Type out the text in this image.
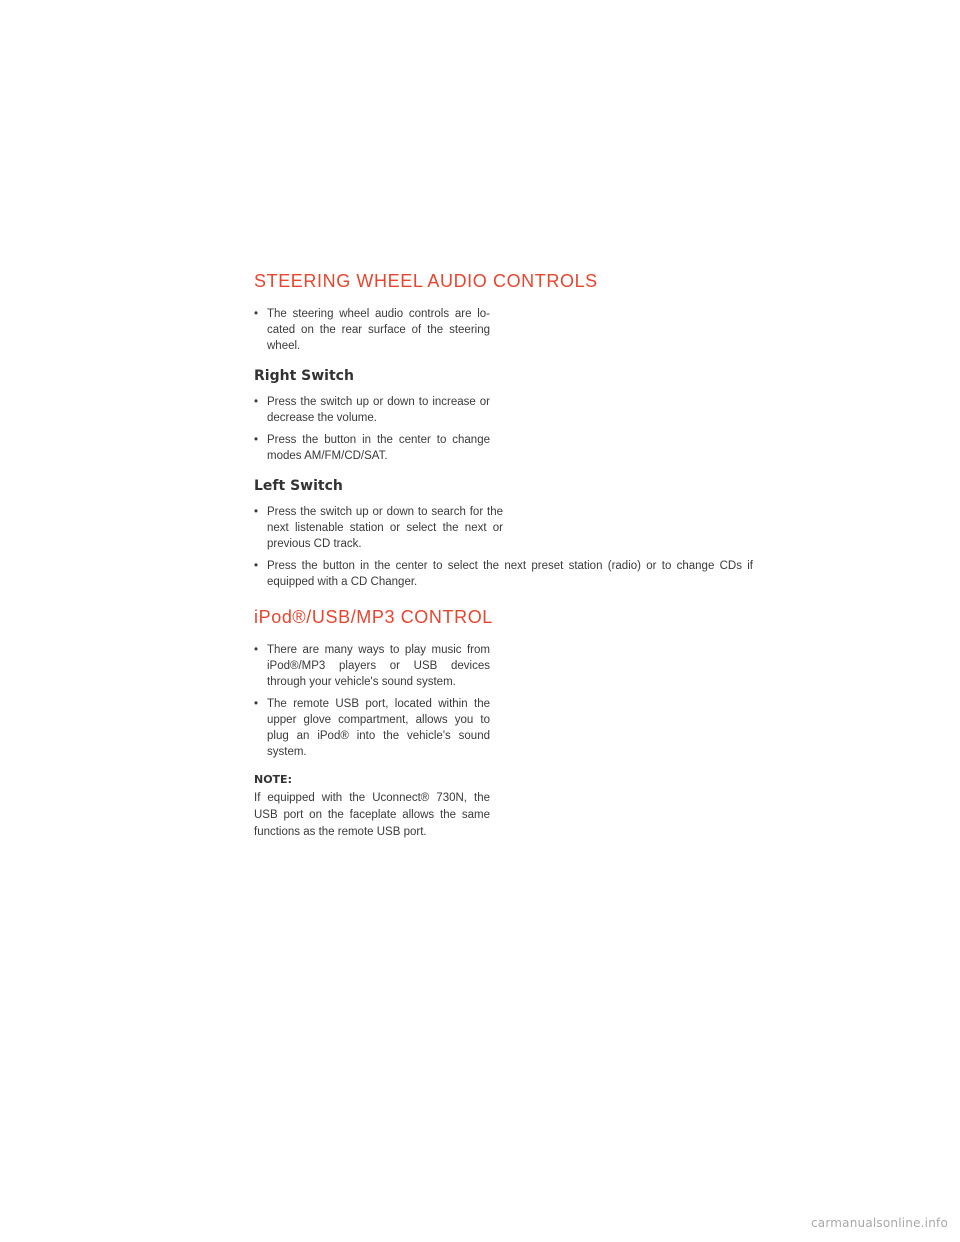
STEERING WHEEL AUDIO CONTROLS
• The steering wheel audio controls are lo-cated on the rear surface of the steering wheel.
Right Switch
• Press the switch up or down to increase or decrease the volume.
• Press the button in the center to change modes AM/FM/CD/SAT.
Left Switch
• Press the switch up or down to search for the next listenable station or select the next or previous CD track.
• Press the button in the center to select the next preset station (radio) or to change CDs if equipped with a CD Changer.
iPod®/USB/MP3 CONTROL
• There are many ways to play music from iPod®/MP3 players or USB devices through your vehicle's sound system.
• The remote USB port, located within the upper glove compartment, allows you to plug an iPod® into the vehicle's sound system.
NOTE:

If equipped with the Uconnect® 730N, the USB port on the faceplate allows the same functions as the remote USB port.

carmanualsonline.info
